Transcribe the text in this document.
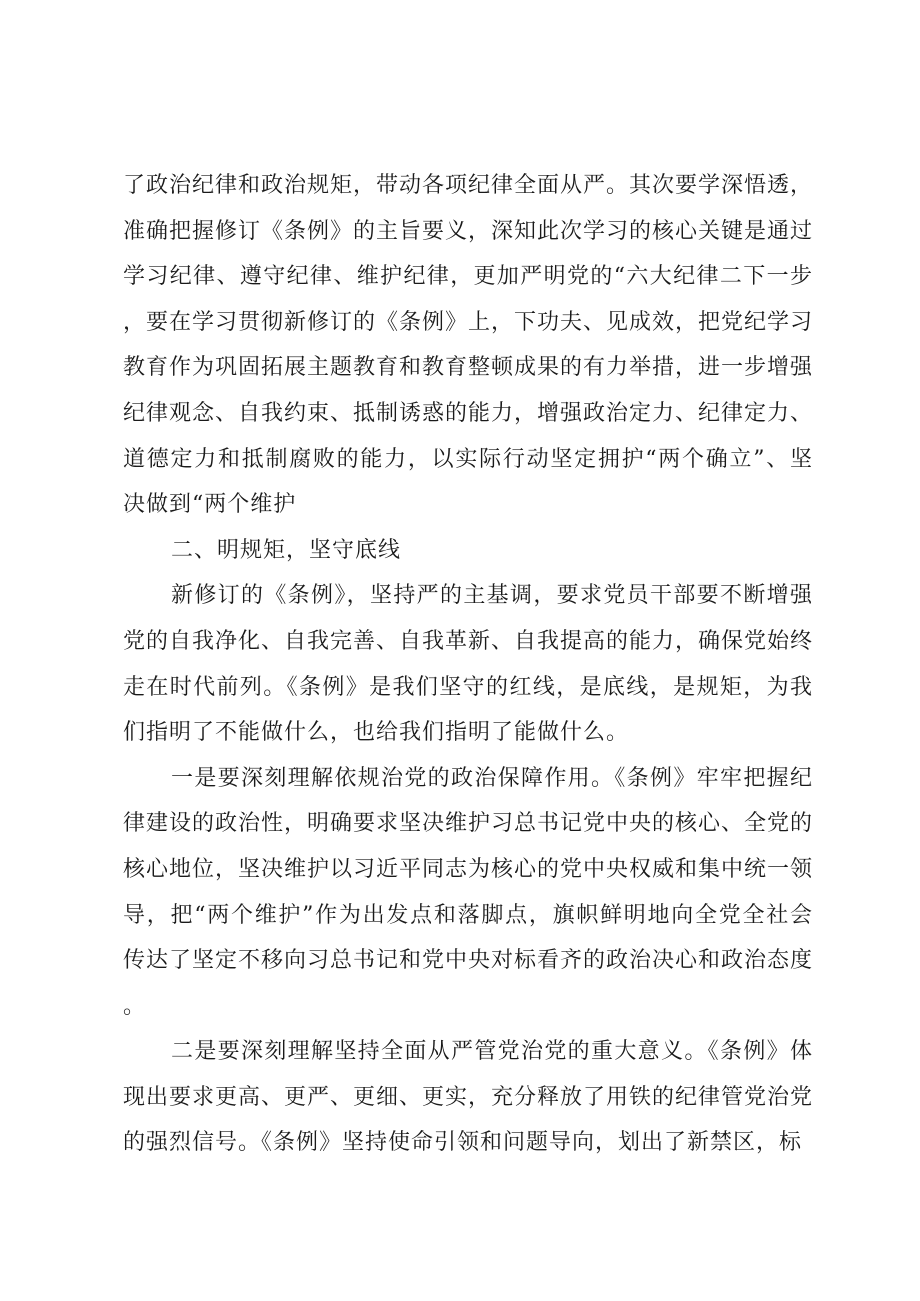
了政治纪律和政治规矩，带动各项纪律全面从严。其次要学深悟透，准确把握修订《条例》的主旨要义，深知此次学习的核心关键是通过学习纪律、遵守纪律、维护纪律，更加严明党的“六大纪律二下一步，要在学习贯彻新修订的《条例》上，下功夫、见成效，把党纪学习教育作为巩固拓展主题教育和教育整顿成果的有力举措，进一步增强纪律观念、自我约束、抵制诱惑的能力，增强政治定力、纪律定力、道德定力和抵制腐败的能力，以实际行动坚定拥护“两个确立”、坚决做到“两个维护

二、明规矩，坚守底线

新修订的《条例》，坚持严的主基调，要求党员干部要不断增强党的自我净化、自我完善、自我革新、自我提高的能力，确保党始终走在时代前列。《条例》是我们坚守的红线，是底线，是规矩，为我们指明了不能做什么，也给我们指明了能做什么。

一是要深刻理解依规治党的政治保障作用。《条例》牢牢把握纪律建设的政治性，明确要求坚决维护习总书记党中央的核心、全党的核心地位，坚决维护以习近平同志为核心的党中央权威和集中统一领导，把“两个维护”作为出发点和落脚点，旗帜鲜明地向全党全社会传达了坚定不移向习总书记和党中央对标看齐的政治决心和政治态度。

二是要深刻理解坚持全面从严管党治党的重大意义。《条例》体现出要求更高、更严、更细、更实，充分释放了用铁的纪律管党治党的强烈信号。《条例》坚持使命引领和问题导向，划出了新禁区，标
